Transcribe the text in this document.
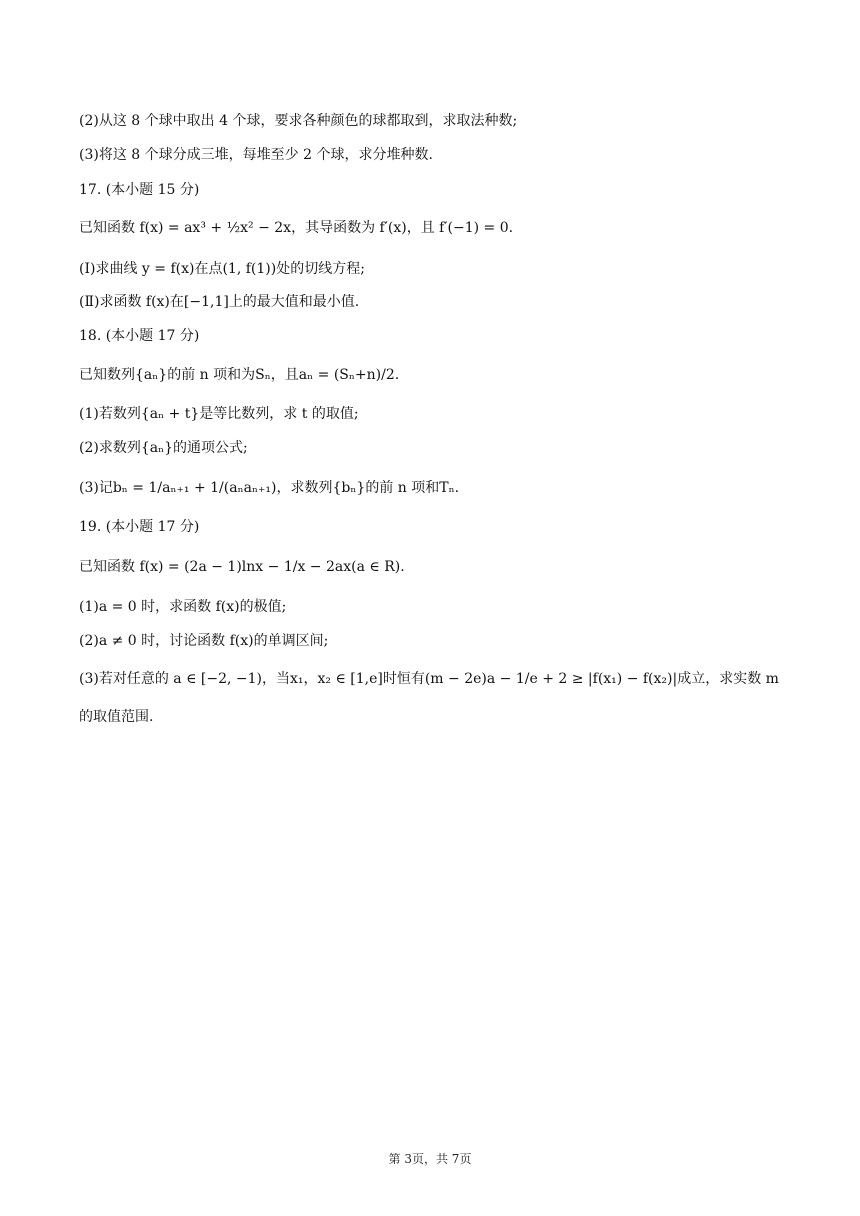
(2)从这 8 个球中取出 4 个球，要求各种颜色的球都取到，求取法种数;
(3)将这 8 个球分成三堆，每堆至少 2 个球，求分堆种数.
17. (本小题 15 分)
已知函数 f(x) = ax³ + ½x² − 2x，其导函数为 f′(x)，且 f′(−1) = 0.
(Ⅰ)求曲线 y = f(x)在点(1, f(1))处的切线方程;
(Ⅱ)求函数 f(x)在[−1,1]上的最大值和最小值.
18. (本小题 17 分)
已知数列{aₙ}的前 n 项和为Sₙ，且aₙ = (Sₙ+n)/2.
(1)若数列{aₙ + t}是等比数列，求 t 的取值;
(2)求数列{aₙ}的通项公式;
(3)记bₙ = 1/aₙ₊₁ + 1/(aₙaₙ₊₁)，求数列{bₙ}的前 n 项和Tₙ.
19. (本小题 17 分)
已知函数 f(x) = (2a − 1)lnx − 1/x − 2ax(a ∈ R).
(1)a = 0 时，求函数 f(x)的极值;
(2)a ≠ 0 时，讨论函数 f(x)的单调区间;
(3)若对任意的 a ∈ [−2, −1)，当x₁，x₂ ∈ [1,e]时恒有(m − 2e)a − 1/e + 2 ≥ |f(x₁) − f(x₂)|成立，求实数 m 的取值范围.
第 3页，共 7页
